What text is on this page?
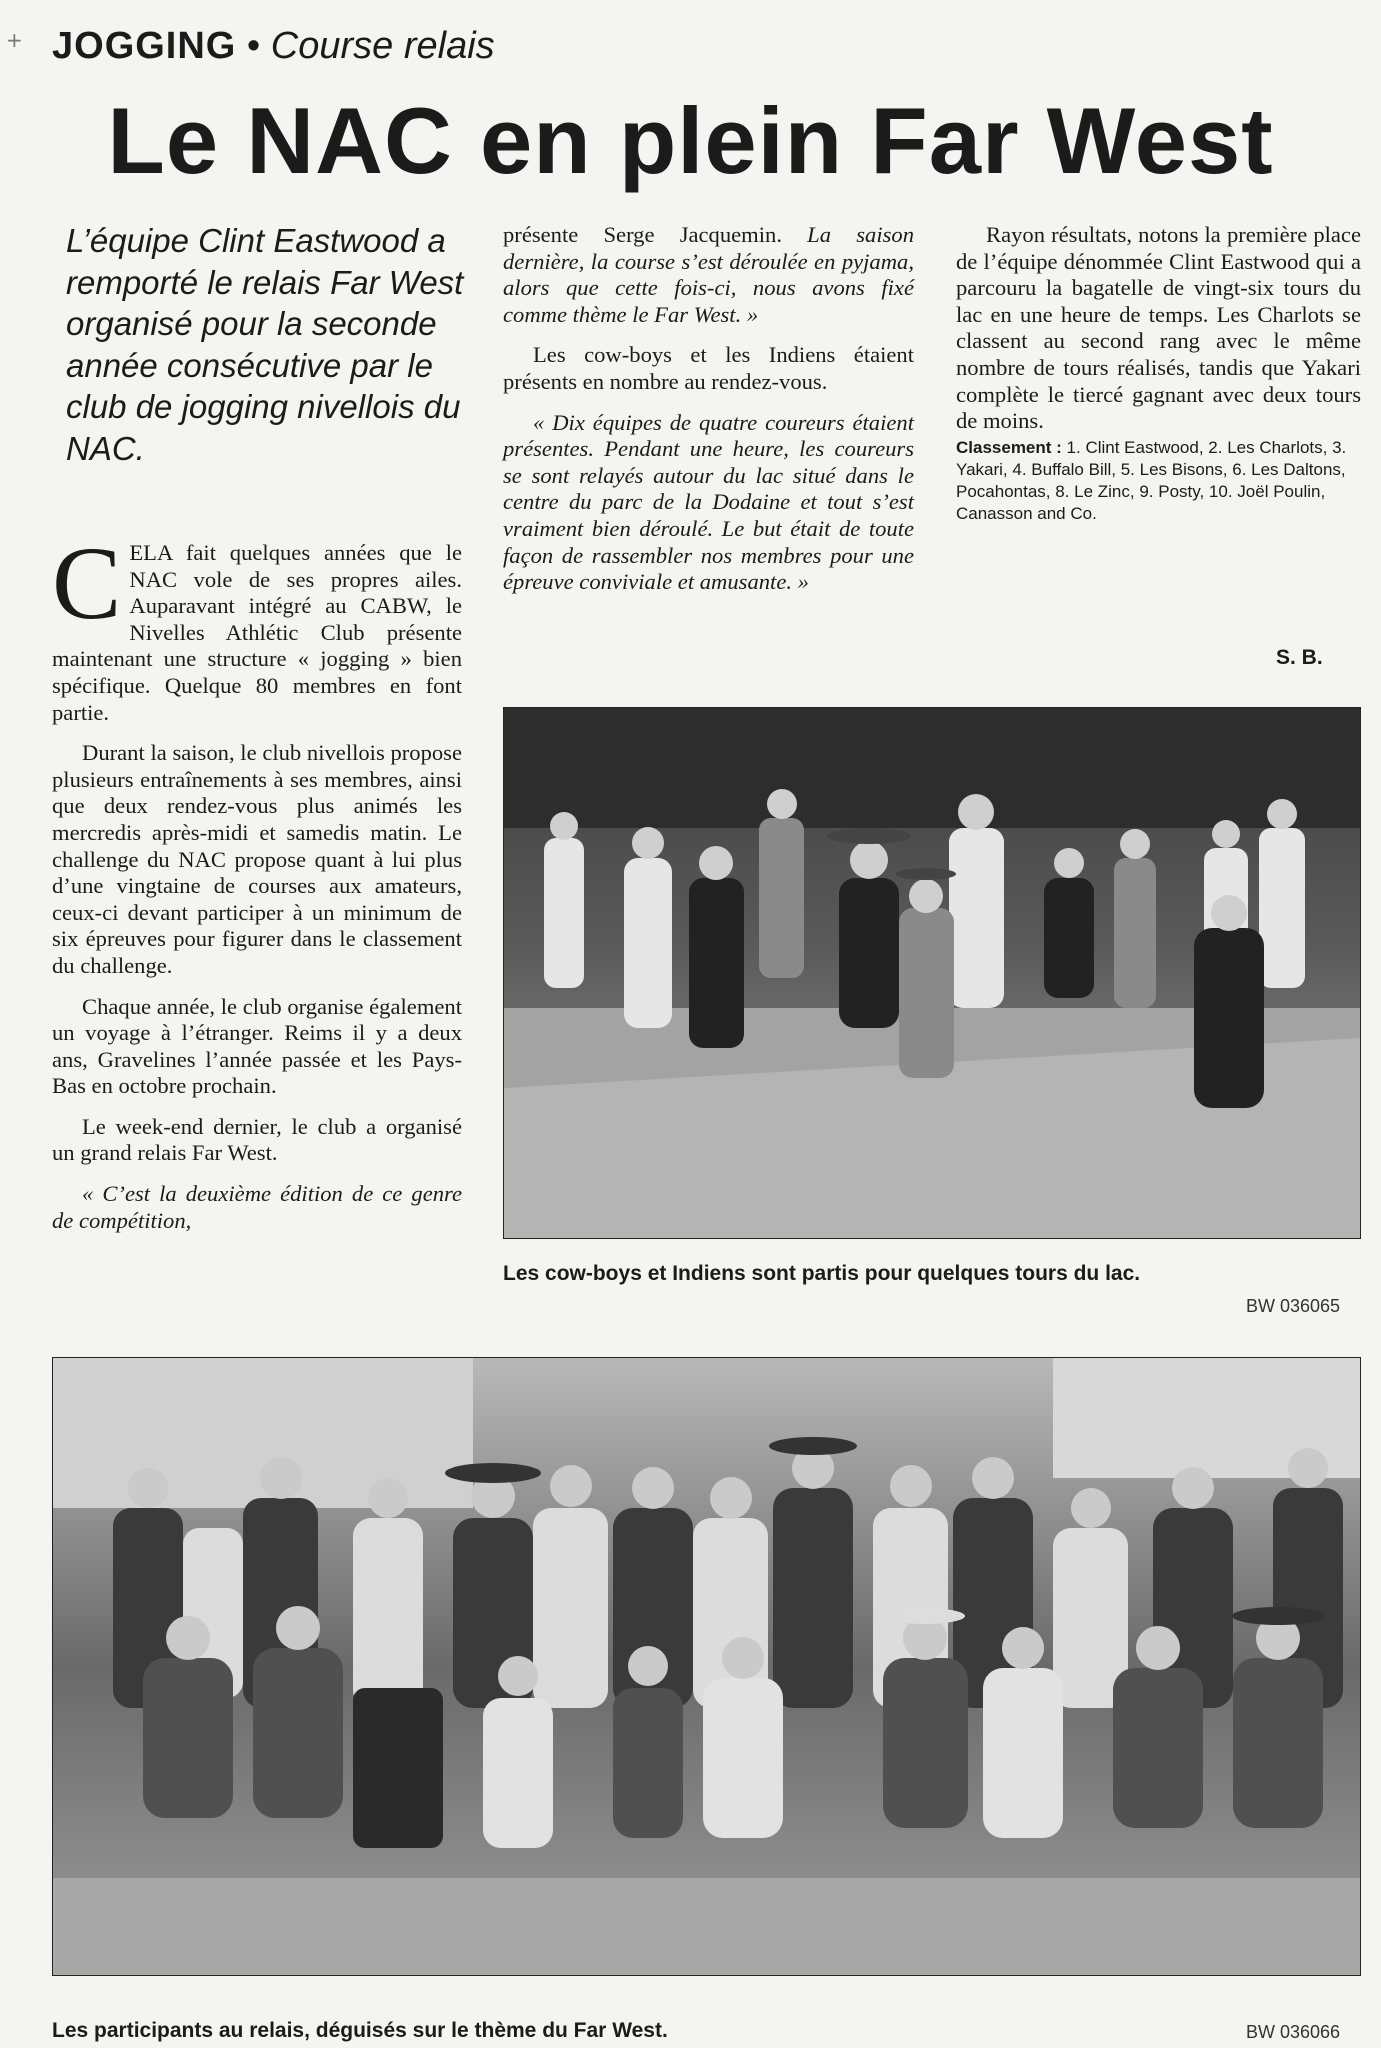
+ JOGGING • Course relais
Le NAC en plein Far West
L’équipe Clint Eastwood a remporté le relais Far West organisé pour la seconde année consécutive par le club de jogging nivellois du NAC.

CELA fait quelques années que le NAC vole de ses propres ailes. Auparavant intégré au CABW, le Nivelles Athlétic Club présente maintenant une structure « jogging » bien spécifique. Quelque 80 membres en font partie.

Durant la saison, le club nivellois propose plusieurs entraînements à ses membres, ainsi que deux rendez-vous plus animés les mercredis après-midi et samedis matin. Le challenge du NAC propose quant à lui plus d’une vingtaine de courses aux amateurs, ceux-ci devant participer à un minimum de six épreuves pour figurer dans le classement du challenge.

Chaque année, le club organise également un voyage à l’étranger. Reims il y a deux ans, Gravelines l’année passée et les Pays-Bas en octobre prochain.

Le week-end dernier, le club a organisé un grand relais Far West.

« C’est la deuxième édition de ce genre de compétition,

présente Serge Jacquemin. La saison dernière, la course s’est déroulée en pyjama, alors que cette fois-ci, nous avons fixé comme thème le Far West. »

Les cow-boys et les Indiens étaient présents en nombre au rendez-vous.

« Dix équipes de quatre coureurs étaient présentes. Pendant une heure, les coureurs se sont relayés autour du lac situé dans le centre du parc de la Dodaine et tout s’est vraiment bien déroulé. Le but était de toute façon de rassembler nos membres pour une épreuve conviviale et amusante. »

Rayon résultats, notons la première place de l’équipe dénommée Clint Eastwood qui a parcouru la bagatelle de vingt-six tours du lac en une heure de temps. Les Charlots se classent au second rang avec le même nombre de tours réalisés, tandis que Yakari complète le tiercé gagnant avec deux tours de moins.

Classement : 1. Clint Eastwood, 2. Les Charlots, 3. Yakari, 4. Buffalo Bill, 5. Les Bisons, 6. Les Daltons, Pocahontas, 8. Le Zinc, 9. Posty, 10. Joël Poulin, Canasson and Co.
S. B.
Les cow-boys et Indiens sont partis pour quelques tours du lac.
BW 036065
Les participants au relais, déguisés sur le thème du Far West.	BW 036066
